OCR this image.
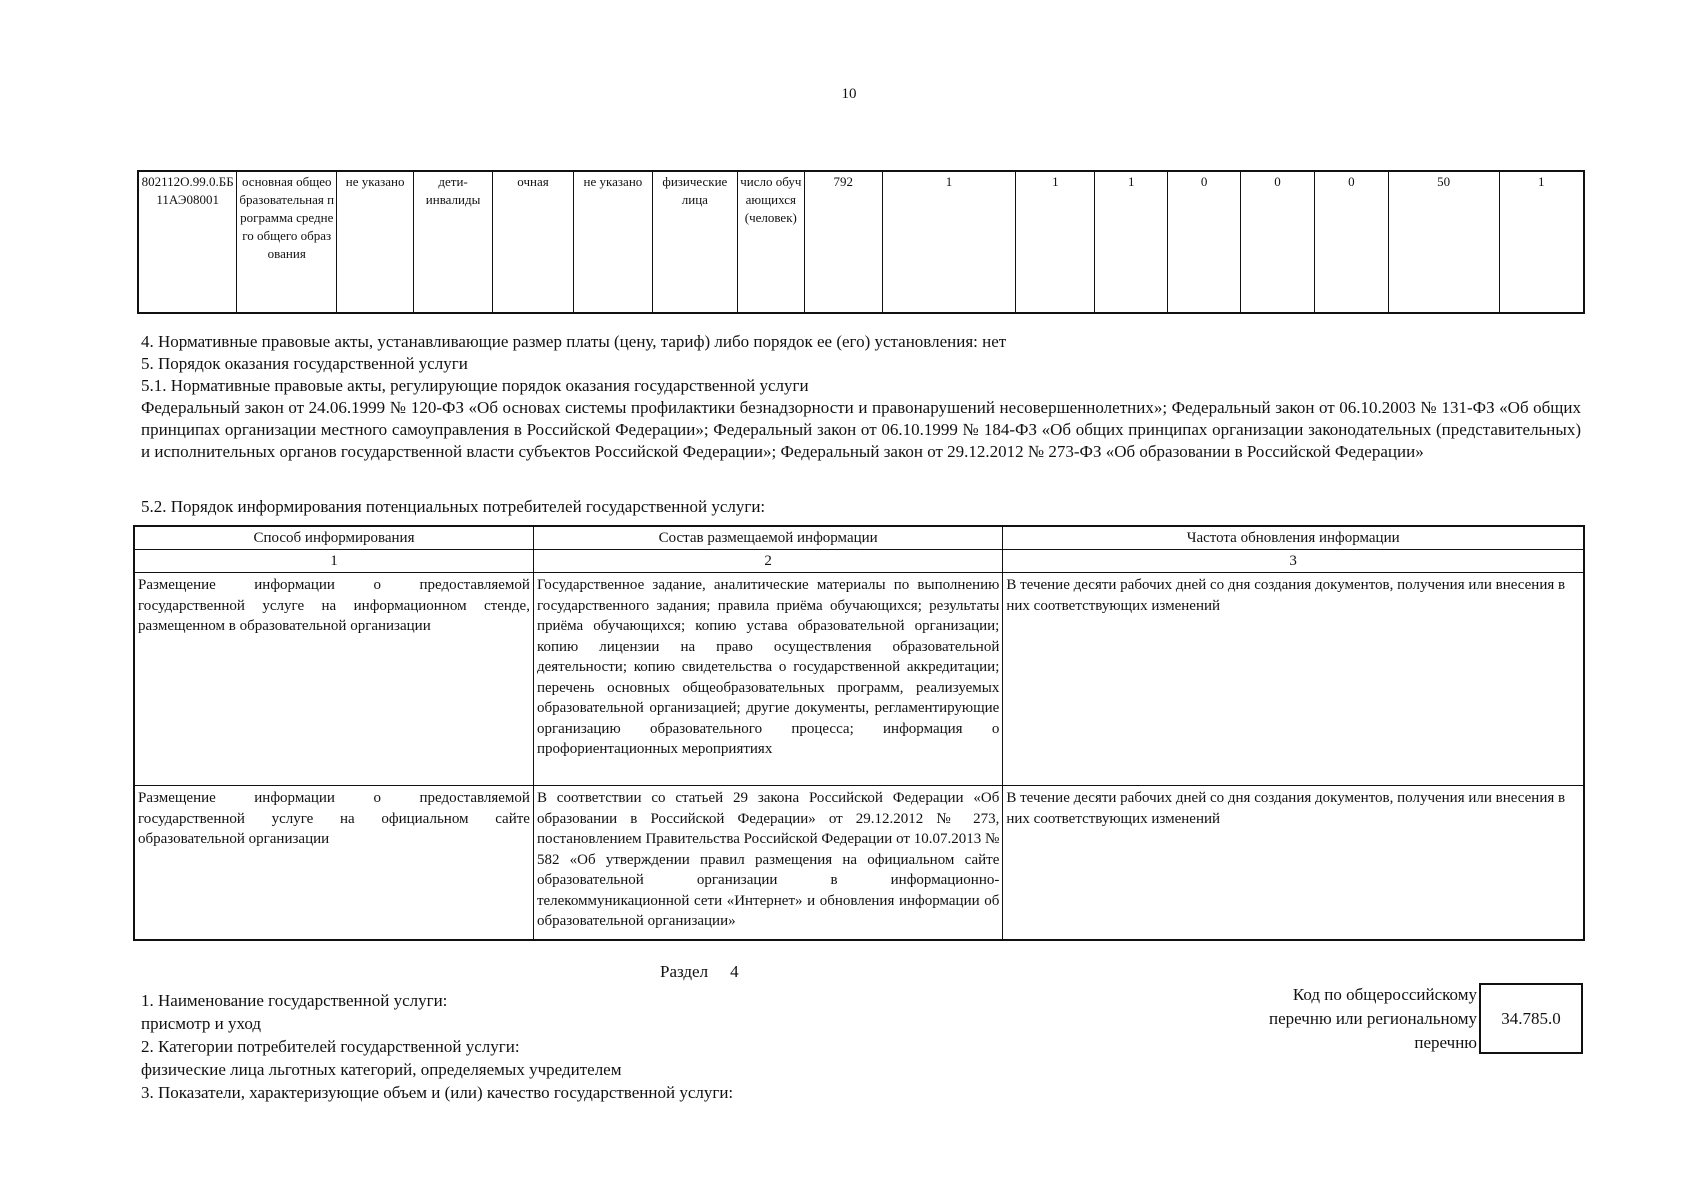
10
802112О.99.0.ББ11АЭ08001	основная общеобразовательная программа среднего общего образования	не указано	дети-инвалиды	очная	не указано	физические лица	число обучающихся (человек)	792	1	1	1	0	0	0	50	1
4. Нормативные правовые акты, устанавливающие размер платы (цену, тариф) либо порядок ее (его) установления: нет
5. Порядок оказания государственной услуги
5.1. Нормативные правовые акты, регулирующие порядок оказания государственной услуги
Федеральный закон от 24.06.1999 № 120-ФЗ «Об основах системы профилактики безнадзорности и правонарушений несовершеннолетних»; Федеральный закон от 06.10.2003 № 131-ФЗ «Об общих принципах организации местного самоуправления в Российской Федерации»; Федеральный закон от 06.10.1999 № 184-ФЗ «Об общих принципах организации законодательных (представительных) и исполнительных органов государственной власти субъектов Российской Федерации»; Федеральный закон от 29.12.2012 № 273-ФЗ «Об образовании в Российской Федерации»
5.2. Порядок информирования потенциальных потребителей государственной услуги:
Способ информирования	Состав размещаемой информации	Частота обновления информации
1	2	3
Размещение информации о предоставляемой государственной услуге на информационном стенде, размещенном в образовательной организации	Государственное задание, аналитические материалы по выполнению государственного задания; правила приёма обучающихся; результаты приёма обучающихся; копию устава образовательной организации; копию лицензии на право осуществления образовательной деятельности; копию свидетельства о государственной аккредитации; перечень основных общеобразовательных программ, реализуемых образовательной организацией; другие документы, регламентирующие организацию образовательного процесса; информация о профориентационных мероприятиях	В течение десяти рабочих дней со дня создания документов, получения или внесения в них соответствующих изменений
Размещение информации о предоставляемой государственной услуге на официальном сайте образовательной организации	В соответствии со статьей 29 закона Российской Федерации «Об образовании в Российской Федерации» от 29.12.2012 № 273, постановлением Правительства Российской Федерации от 10.07.2013 № 582 «Об утверждении правил размещения на официальном сайте образовательной организации в информационно-телекоммуникационной сети «Интернет» и обновления информации об образовательной организации»	В течение десяти рабочих дней со дня создания документов, получения или внесения в них соответствующих изменений
Раздел 4
1. Наименование государственной услуги:
присмотр и уход
2. Категории потребителей государственной услуги:
физические лица льготных категорий, определяемых учредителем
3. Показатели, характеризующие объем и (или) качество государственной услуги:
Код по общероссийскому перечню или региональному перечню
34.785.0
